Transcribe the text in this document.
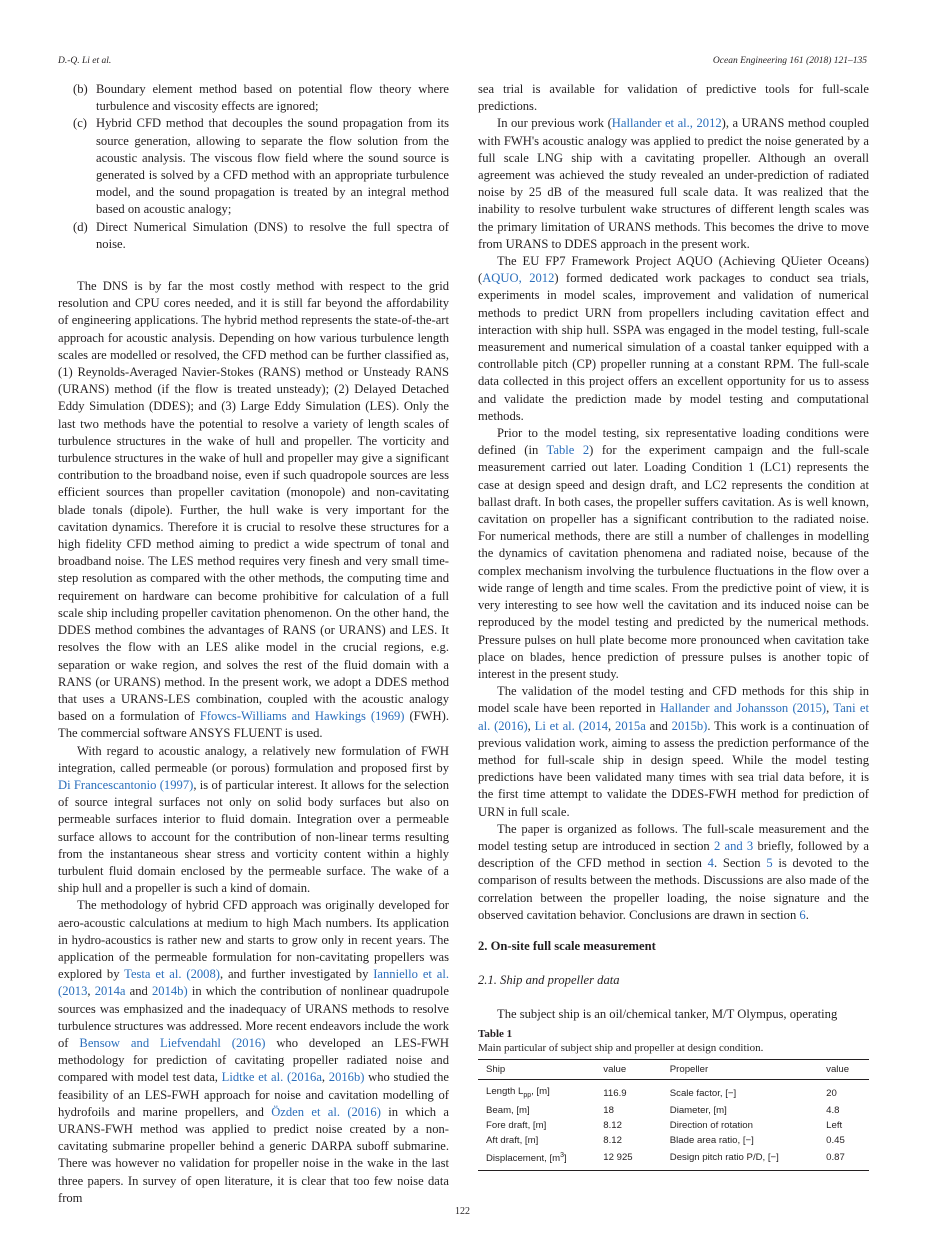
D.-Q. Li et al.	Ocean Engineering 161 (2018) 121–135
(b) Boundary element method based on potential flow theory where turbulence and viscosity effects are ignored;
(c) Hybrid CFD method that decouples the sound propagation from its source generation, allowing to separate the flow solution from the acoustic analysis. The viscous flow field where the sound source is generated is solved by a CFD method with an appropriate turbulence model, and the sound propagation is treated by an integral method based on acoustic analogy;
(d) Direct Numerical Simulation (DNS) to resolve the full spectra of noise.

The DNS is by far the most costly method with respect to the grid resolution and CPU cores needed, and it is still far beyond the affordability of engineering applications. The hybrid method represents the state-of-the-art approach for acoustic analysis. Depending on how various turbulence length scales are modelled or resolved, the CFD method can be further classified as, (1) Reynolds-Averaged Navier-Stokes (RANS) method or Unsteady RANS (URANS) method (if the flow is treated unsteady); (2) Delayed Detached Eddy Simulation (DDES); and (3) Large Eddy Simulation (LES). Only the last two methods have the potential to resolve a variety of length scales of turbulence structures in the wake of hull and propeller. The vorticity and turbulence structures in the wake of hull and propeller may give a significant contribution to the broadband noise, even if such quadropole sources are less efficient sources than propeller cavitation (monopole) and non-cavitating blade tonals (dipole). Further, the hull wake is very important for the cavitation dynamics. Therefore it is crucial to resolve these structures for a high fidelity CFD method aiming to predict a wide spectrum of tonal and broadband noise. The LES method requires very finesh and very small time-step resolution as compared with the other methods, the computing time and requirement on hardware can become prohibitive for calculation of a full scale ship including propeller cavitation phenomenon. On the other hand, the DDES method combines the advantages of RANS (or URANS) and LES. It resolves the flow with an LES alike model in the crucial regions, e.g. separation or wake region, and solves the rest of the fluid domain with a RANS (or URANS) method. In the present work, we adopt a DDES method that uses a URANS-LES combination, coupled with the acoustic analogy based on a formulation of Ffowcs-Williams and Hawkings (1969) (FWH). The commercial software ANSYS FLUENT is used.

With regard to acoustic analogy, a relatively new formulation of FWH integration, called permeable (or porous) formulation and proposed first by Di Francescantonio (1997), is of particular interest. It allows for the selection of source integral surfaces not only on solid body surfaces but also on permeable surfaces interior to fluid domain. Integration over a permeable surface allows to account for the contribution of non-linear terms resulting from the instantaneous shear stress and vorticity content within a highly turbulent fluid domain enclosed by the permeable surface. The wake of a ship hull and a propeller is such a kind of domain.

The methodology of hybrid CFD approach was originally developed for aero-acoustic calculations at medium to high Mach numbers. Its application in hydro-acoustics is rather new and starts to grow only in recent years. The application of the permeable formulation for non-cavitating propellers was explored by Testa et al. (2008), and further investigated by Ianniello et al. (2013, 2014a and 2014b) in which the contribution of nonlinear quadrupole sources was emphasized and the inadequacy of URANS methods to resolve turbulence structures was addressed. More recent endeavors include the work of Bensow and Liefvendahl (2016) who developed an LES-FWH methodology for prediction of cavitating propeller radiated noise and compared with model test data, Lidtke et al. (2016a, 2016b) who studied the feasibility of an LES-FWH approach for noise and cavitation modelling of hydrofoils and marine propellers, and Özden et al. (2016) in which a URANS-FWH method was applied to predict noise created by a non-cavitating submarine propeller behind a generic DARPA suboff submarine. There was however no validation for propeller noise in the wake in the last three papers. In survey of open literature, it is clear that too few noise data from

sea trial is available for validation of predictive tools for full-scale predictions.

In our previous work (Hallander et al., 2012), a URANS method coupled with FWH's acoustic analogy was applied to predict the noise generated by a full scale LNG ship with a cavitating propeller. Although an overall agreement was achieved the study revealed an under-prediction of radiated noise by 25 dB of the measured full scale data. It was realized that the inability to resolve turbulent wake structures of different length scales was the primary limitation of URANS methods. This becomes the drive to move from URANS to DDES approach in the present work.

The EU FP7 Framework Project AQUO (Achieving QUieter Oceans) (AQUO, 2012) formed dedicated work packages to conduct sea trials, experiments in model scales, improvement and validation of numerical methods to predict URN from propellers including cavitation effect and interaction with ship hull. SSPA was engaged in the model testing, full-scale measurement and numerical simulation of a coastal tanker equipped with a controllable pitch (CP) propeller running at a constant RPM. The full-scale data collected in this project offers an excellent opportunity for us to assess and validate the prediction made by model testing and computational methods.

Prior to the model testing, six representative loading conditions were defined (in Table 2) for the experiment campaign and the full-scale measurement carried out later. Loading Condition 1 (LC1) represents the case at design speed and design draft, and LC2 represents the condition at ballast draft. In both cases, the propeller suffers cavitation. As is well known, cavitation on propeller has a significant contribution to the radiated noise. For numerical methods, there are still a number of challenges in modelling the dynamics of cavitation phenomena and radiated noise, because of the complex mechanism involving the turbulence fluctuations in the flow over a wide range of length and time scales. From the predictive point of view, it is very interesting to see how well the cavitation and its induced noise can be reproduced by the model testing and predicted by the numerical methods. Pressure pulses on hull plate become more pronounced when cavitation take place on blades, hence prediction of pressure pulses is another topic of interest in the present study.

The validation of the model testing and CFD methods for this ship in model scale have been reported in Hallander and Johansson (2015), Tani et al. (2016), Li et al. (2014, 2015a and 2015b). This work is a continuation of previous validation work, aiming to assess the prediction performance of the method for full-scale ship in design speed. While the model testing predictions have been validated many times with sea trial data before, it is the first time attempt to validate the DDES-FWH method for prediction of URN in full scale.

The paper is organized as follows. The full-scale measurement and the model testing setup are introduced in section 2 and 3 briefly, followed by a description of the CFD method in section 4. Section 5 is devoted to the comparison of results between the methods. Discussions are also made of the correlation between the propeller loading, the noise signature and the observed cavitation behavior. Conclusions are drawn in section 6.

2. On-site full scale measurement

2.1. Ship and propeller data

The subject ship is an oil/chemical tanker, M/T Olympus, operating

Table 1
Main particular of subject ship and propeller at design condition.
Ship	value	Propeller	value
Length $L_{pp}$, [m]	116.9	Scale factor, [−]	20
Beam, [m]	18	Diameter, [m]	4.8
Fore draft, [m]	8.12	Direction of rotation	Left
Aft draft, [m]	8.12	Blade area ratio, [−]	0.45
Displacement, $[m^3]$	12 925	Design pitch ratio P/D, [−]	0.87
122
